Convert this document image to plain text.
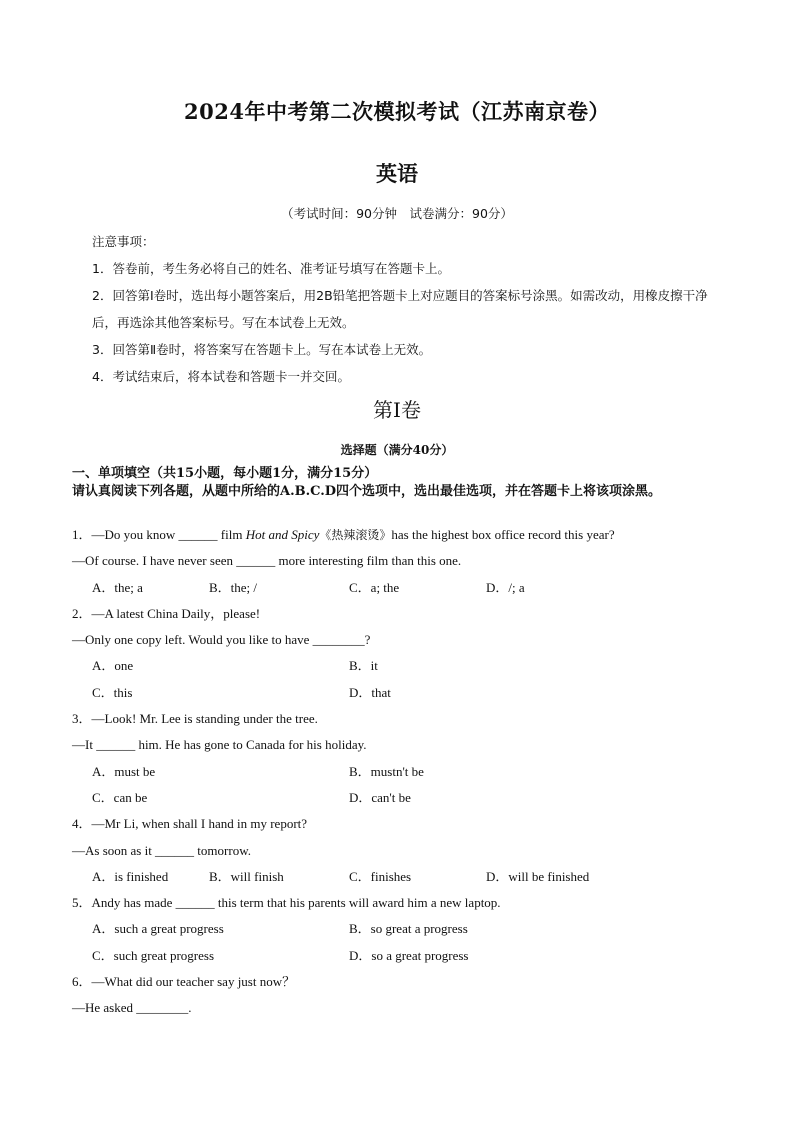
2024年中考第二次模拟考试（江苏南京卷）
英语
（考试时间：90分钟　试卷满分：90分）
注意事项：
1．答卷前，考生务必将自己的姓名、准考证号填写在答题卡上。
2．回答第Ⅰ卷时，选出每小题答案后，用2B铅笔把答题卡上对应题目的答案标号涂黑。如需改动，用橡皮擦干净后，再选涂其他答案标号。写在本试卷上无效。
3．回答第Ⅱ卷时，将答案写在答题卡上。写在本试卷上无效。
4．考试结束后，将本试卷和答题卡一并交回。
第Ⅰ卷
选择题（满分40分）
一、单项填空（共15小题，每小题1分，满分15分）
请认真阅读下列各题，从题中所给的A.B.C.D四个选项中，选出最佳选项，并在答题卡上将该项涂黑。
1．—Do you know ______ film Hot and Spicy《热辣滚烫》has the highest box office record this year?
—Of course. I have never seen ______ more interesting film than this one.
A．the; a	B．the; /	C．a; the	D．/; a
2．—A latest China Daily，please!
—Only one copy left. Would you like to have ________?
A．one	B．it
C．this	D．that
3．—Look! Mr. Lee is standing under the tree.
—It ______ him. He has gone to Canada for his holiday.
A．must be	B．mustn't be
C．can be	D．can't be
4．—Mr Li, when shall I hand in my report?
—As soon as it ______ tomorrow.
A．is finished	B．will finish	C．finishes	D．will be finished
5．Andy has made ______ this term that his parents will award him a new laptop.
A．such a great progress	B．so great a progress
C．such great progress	D．so a great progress
6．—What did our teacher say just now？
—He asked ________.
